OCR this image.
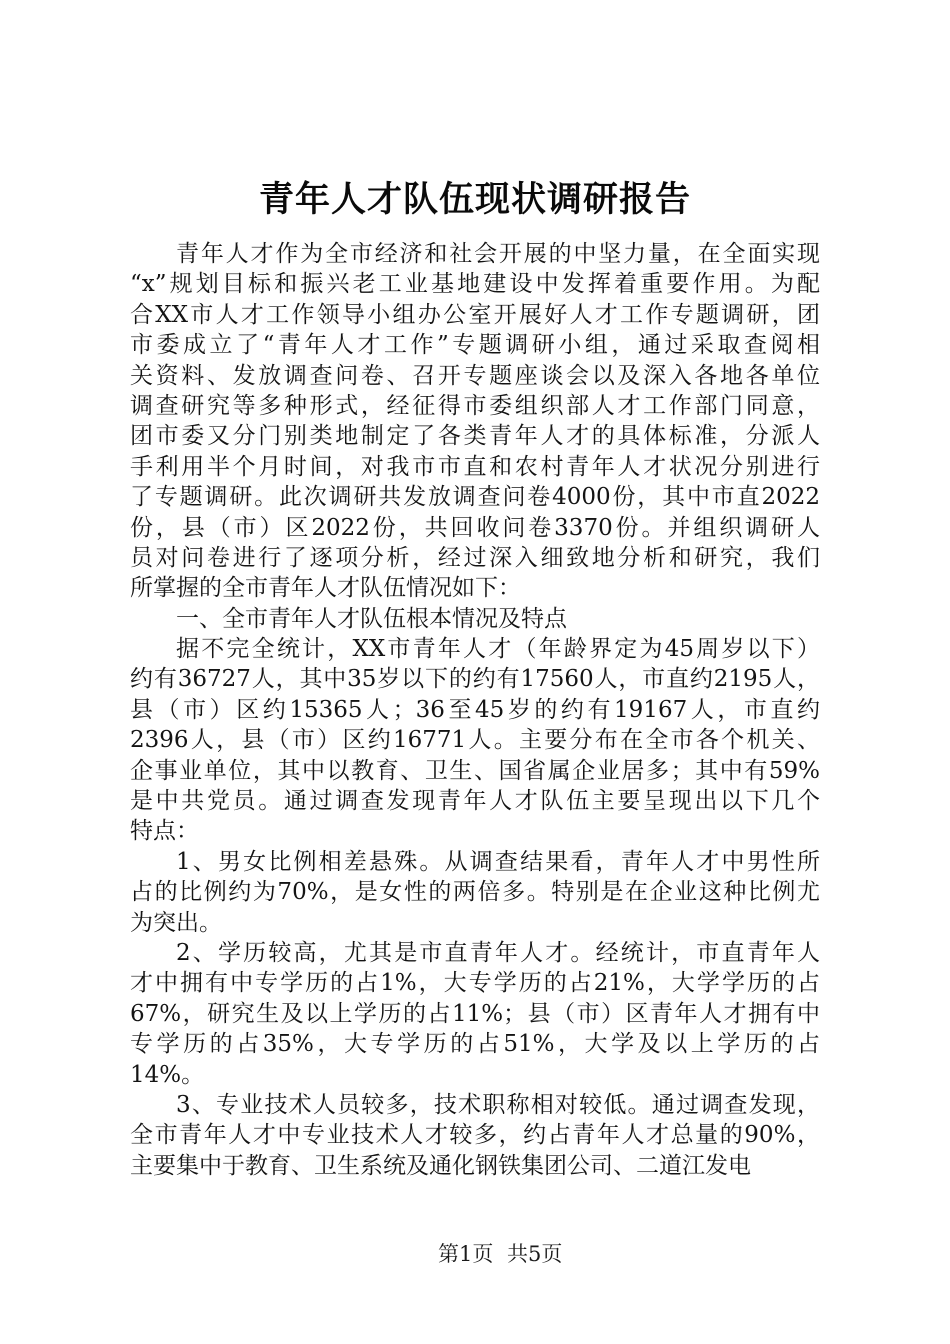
青年人才队伍现状调研报告
青年人才作为全市经济和社会开展的中坚力量，在全面实现
“x”规划目标和振兴老工业基地建设中发挥着重要作用。为配
合XX市人才工作领导小组办公室开展好人才工作专题调研，团
市委成立了“青年人才工作”专题调研小组，通过采取查阅相
关资料、发放调查问卷、召开专题座谈会以及深入各地各单位
调查研究等多种形式，经征得市委组织部人才工作部门同意，
团市委又分门别类地制定了各类青年人才的具体标准，分派人
手利用半个月时间，对我市市直和农村青年人才状况分别进行
了专题调研。此次调研共发放调查问卷4000份，其中市直2022
份，县（市）区2022份，共回收问卷3370份。并组织调研人
员对问卷进行了逐项分析，经过深入细致地分析和研究，我们
所掌握的全市青年人才队伍情况如下：
一、全市青年人才队伍根本情况及特点
据不完全统计，XX市青年人才（年龄界定为45周岁以下）
约有36727人，其中35岁以下的约有17560人，市直约2195人，
县（市）区约15365人；36至45岁的约有19167人，市直约
2396人，县（市）区约16771人。主要分布在全市各个机关、
企事业单位，其中以教育、卫生、国省属企业居多；其中有59%
是中共党员。通过调查发现青年人才队伍主要呈现出以下几个
特点：
1、男女比例相差悬殊。从调查结果看，青年人才中男性所
占的比例约为70%，是女性的两倍多。特别是在企业这种比例尤
为突出。
2、学历较高，尤其是市直青年人才。经统计，市直青年人
才中拥有中专学历的占1%，大专学历的占21%，大学学历的占
67%，研究生及以上学历的占11%；县（市）区青年人才拥有中
专学历的占35%，大专学历的占51%，大学及以上学历的占
14%。
3、专业技术人员较多，技术职称相对较低。通过调查发现，
全市青年人才中专业技术人才较多，约占青年人才总量的90%，
主要集中于教育、卫生系统及通化钢铁集团公司、二道江发电
第1页 共5页
